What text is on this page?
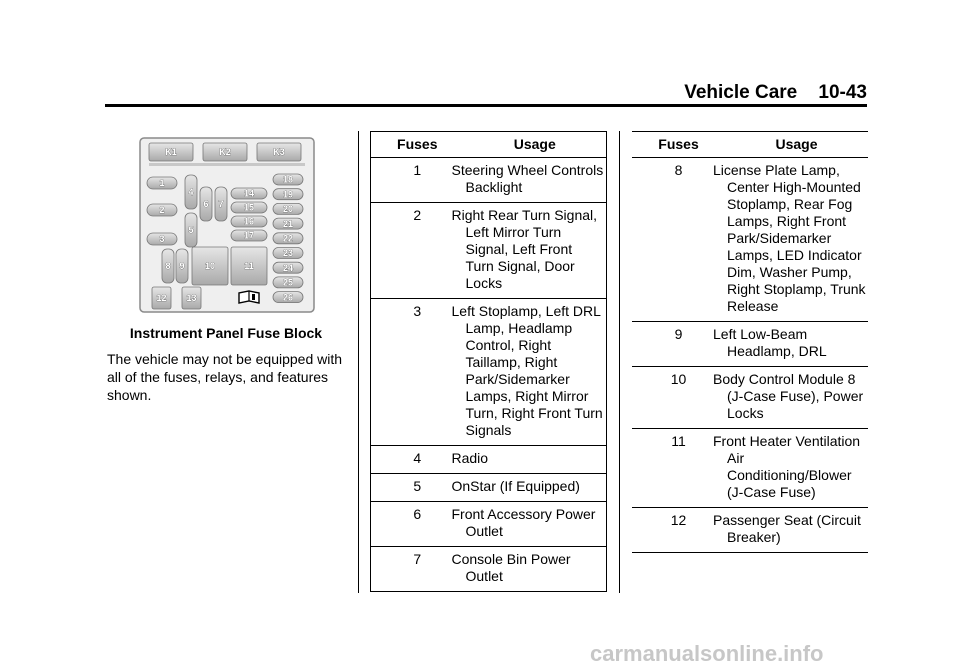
Vehicle Care 10-43
K1	K2	K3
1
2
3
4
5
6 7
8 9 10	11
12 13
14
15
16
17
18
19
20
21
22
23
24
25
26
Instrument Panel Fuse Block
The vehicle may not be equipped with all of the fuses, relays, and features shown.
Fuses	Usage
1	Steering Wheel Controls Backlight
2	Right Rear Turn Signal, Left Mirror Turn Signal, Left Front Turn Signal, Door Locks
3	Left Stoplamp, Left DRL Lamp, Headlamp Control, Right Taillamp, Right Park/Sidemarker Lamps, Right Mirror Turn, Right Front Turn Signals
4	Radio
5	OnStar (If Equipped)
6	Front Accessory Power Outlet
7	Console Bin Power Outlet
Fuses	Usage
8	License Plate Lamp, Center High-Mounted Stoplamp, Rear Fog Lamps, Right Front Park/Sidemarker Lamps, LED Indicator Dim, Washer Pump, Right Stoplamp, Trunk Release
9	Left Low-Beam Headlamp, DRL
10	Body Control Module 8 (J-Case Fuse), Power Locks
11	Front Heater Ventilation Air Conditioning/Blower (J-Case Fuse)
12	Passenger Seat (Circuit Breaker)
carmanualsonline.info
